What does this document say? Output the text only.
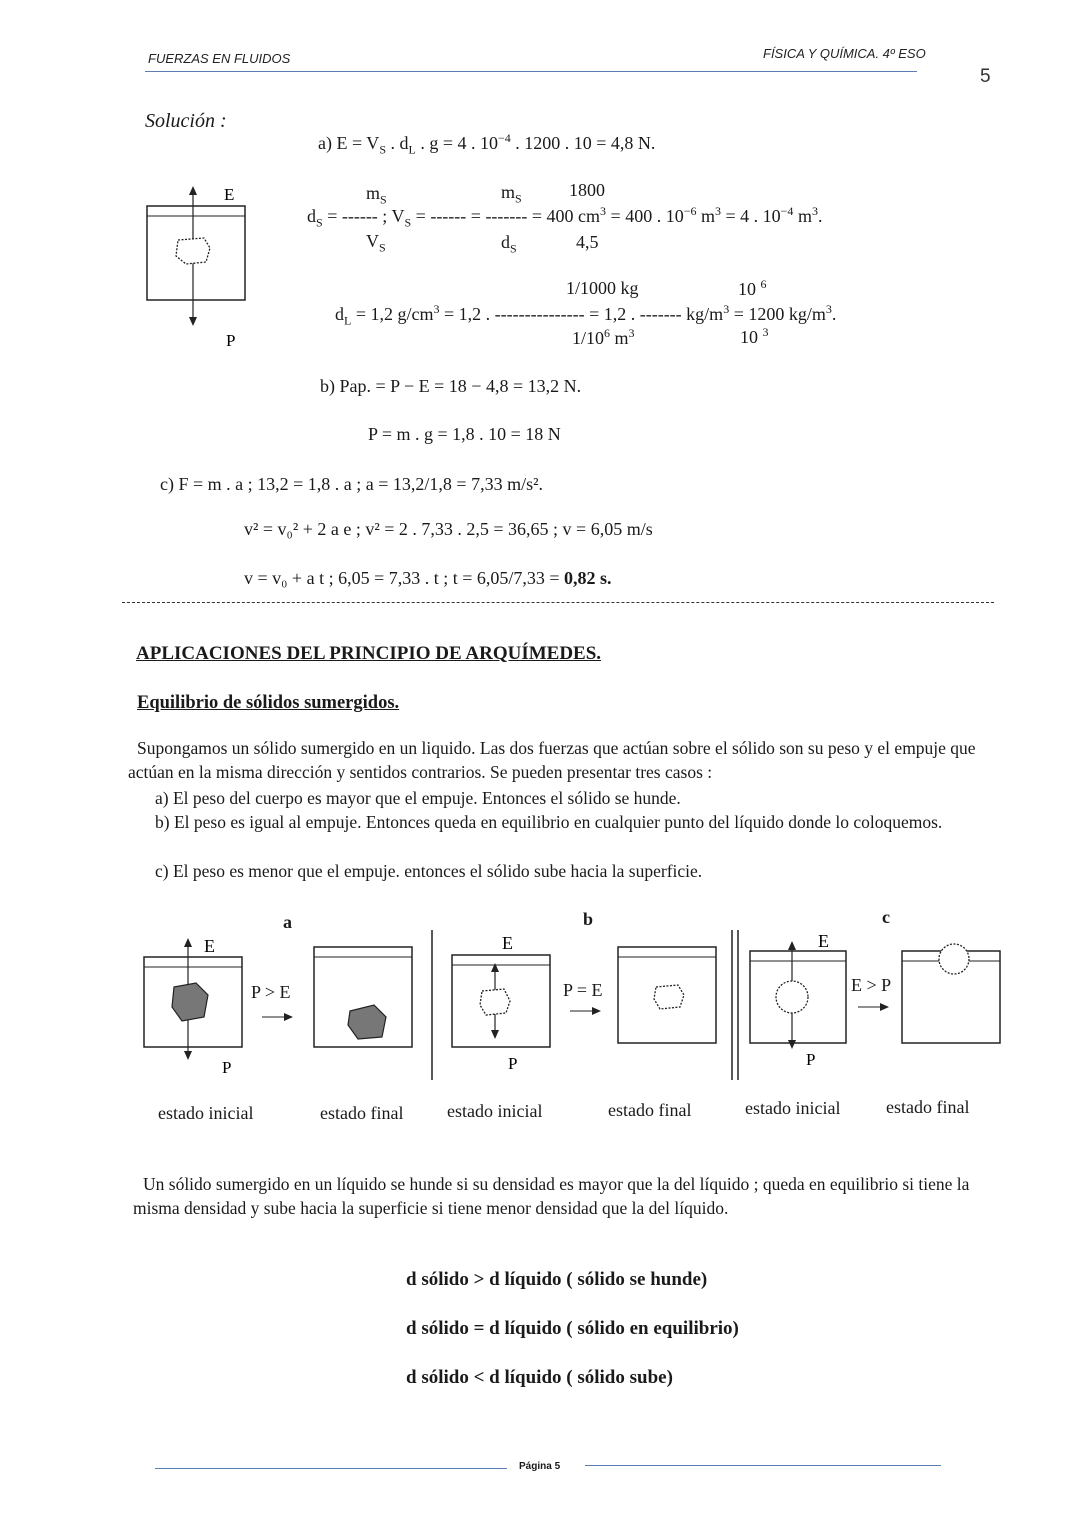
FUERZAS EN FLUIDOS	FÍSICA Y QUÍMICA. 4º ESO
5
Solución :
a) $E = V_S$ . $d_L$ . g = 4 . $10^{-4}$ . 1200 . 10 = 4,8 N.
E
P
$d_S$ = ------ ; $V_S$ = ------ = ------- = 400 $cm^3 = 400$ . $10^{-6}$ $m^3 = 4$ . $10^{-4}$ $m^3$.
$m_S$
$V_S$
$m_S$
$d_S$
1800
4,5
$d_L = 1,2$ $g/cm^3 = 1,2$ . --------------- = 1,2 . ------- $kg/m^3 = 1200$ $kg/m^3$.
1/1000 kg
$1/10^6$ $m^3$
10 $^6$
10 $^3$
b) Pap. = P − E = 18 − 4,8 = 13,2 N.
P = m . g = 1,8 . 10 = 18 N
c) F = m . a ; 13,2 = 1,8 . a ; a = 13,2/1,8 = 7,33 m/s².
v² = v₀² + 2 a e ; v² = 2 . 7,33 . 2,5 = 36,65 ; v = 6,05 m/s
v = v₀ + a t ; 6,05 = 7,33 . t ; t = 6,05/7,33 = 0,82 s.
APLICACIONES DEL PRINCIPIO DE ARQUÍMEDES.
Equilibrio de sólidos sumergidos.
Supongamos un sólido sumergido en un liquido. Las dos fuerzas que actúan sobre el sólido son su peso y el empuje que actúan en la misma dirección y sentidos contrarios. Se pueden presentar tres casos :
a) El peso del cuerpo es mayor que el empuje. Entonces el sólido se hunde.
b) El peso es igual al empuje. Entonces queda en equilibrio en cualquier punto del líquido donde lo coloquemos.
c) El peso es menor que el empuje. entonces el sólido sube hacia la superficie.
a	b	c
E
P
E
P
E
P
P > E	P = E	E > P
estado inicial	estado final estado inicial	estado final	estado inicial	estado final
Un sólido sumergido en un líquido se hunde si su densidad es mayor que la del líquido ; queda en equilibrio si tiene la misma densidad y sube hacia la superficie si tiene menor densidad que la del líquido.
d sólido > d líquido ( sólido se hunde)
d sólido = d líquido ( sólido en equilibrio)
d sólido < d líquido ( sólido sube)
Página 5
